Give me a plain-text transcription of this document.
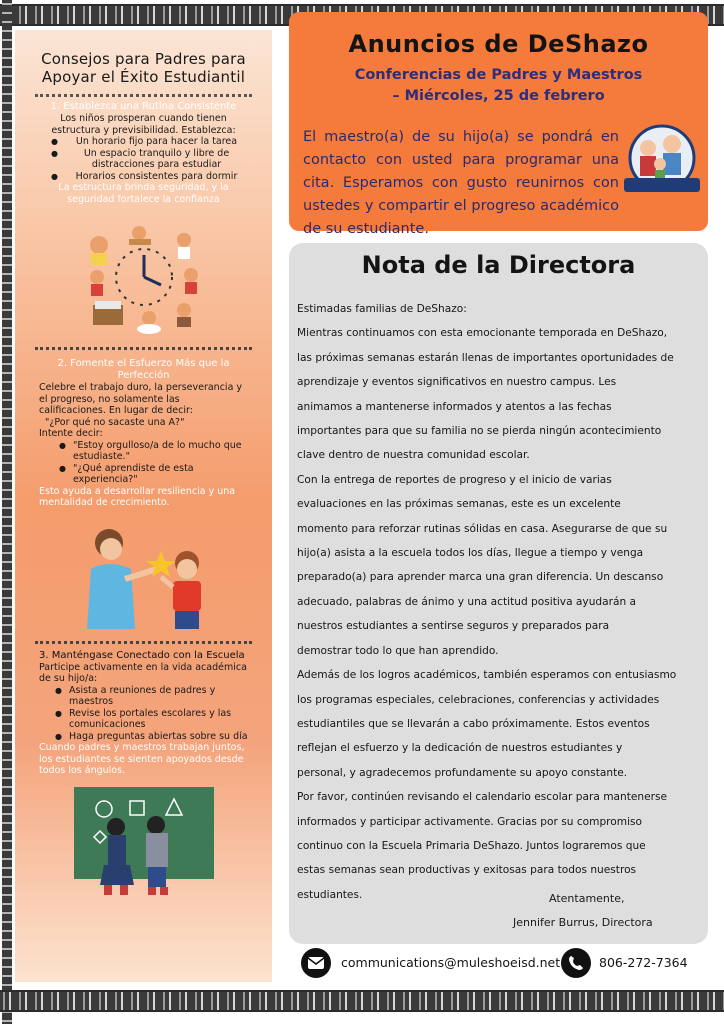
Consejos para Padres para Apoyar el Éxito Estudiantil
1. Establezca una Rutina Consistente
Los niños prosperan cuando tienen estructura y previsibilidad. Establezca:
● Un horario fijo para hacer la tarea
● Un espacio tranquilo y libre de distracciones para estudiar
● Horarios consistentes para dormir
La estructura brinda seguridad, y la seguridad fortalece la confianza
2. Fomente el Esfuerzo Más que la Perfección
Celebre el trabajo duro, la perseverancia y el progreso, no solamente las calificaciones. En lugar de decir:
"¿Por qué no sacaste una A?"
Intente decir:
● "Estoy orgulloso/a de lo mucho que estudiaste."
● "¿Qué aprendiste de esta experiencia?"
Esto ayuda a desarrollar resiliencia y una mentalidad de crecimiento.
3. Manténgase Conectado con la Escuela
Participe activamente en la vida académica de su hijo/a:
● Asista a reuniones de padres y maestros
● Revise los portales escolares y las comunicaciones
● Haga preguntas abiertas sobre su día
Cuando padres y maestros trabajan juntos, los estudiantes se sienten apoyados desde todos los ángulos.
Anuncios de DeShazo
Conferencias de Padres y Maestros
– Miércoles, 25 de febrero
El maestro(a) de su hijo(a) se pondrá en contacto con usted para programar una cita. Esperamos con gusto reunirnos con ustedes y compartir el progreso académico de su estudiante.
Nota de la Directora
Estimadas familias de DeShazo:
Mientras continuamos con esta emocionante temporada en DeShazo,
las próximas semanas estarán llenas de importantes oportunidades de
aprendizaje y eventos significativos en nuestro campus. Les
animamos a mantenerse informados y atentos a las fechas
importantes para que su familia no se pierda ningún acontecimiento
clave dentro de nuestra comunidad escolar.
Con la entrega de reportes de progreso y el inicio de varias
evaluaciones en las próximas semanas, este es un excelente
momento para reforzar rutinas sólidas en casa. Asegurarse de que su
hijo(a) asista a la escuela todos los días, llegue a tiempo y venga
preparado(a) para aprender marca una gran diferencia. Un descanso
adecuado, palabras de ánimo y una actitud positiva ayudarán a
nuestros estudiantes a sentirse seguros y preparados para
demostrar todo lo que han aprendido.
Además de los logros académicos, también esperamos con entusiasmo
los programas especiales, celebraciones, conferencias y actividades
estudiantiles que se llevarán a cabo próximamente. Estos eventos
reflejan el esfuerzo y la dedicación de nuestros estudiantes y
personal, y agradecemos profundamente su apoyo constante.
Por favor, continúen revisando el calendario escolar para mantenerse
informados y participar activamente. Gracias por su compromiso
continuo con la Escuela Primaria DeShazo. Juntos lograremos que
estas semanas sean productivas y exitosas para todos nuestros
estudiantes.	Atentamente,
Jennifer Burrus, Directora
communications@muleshoeisd.net	806-272-7364
